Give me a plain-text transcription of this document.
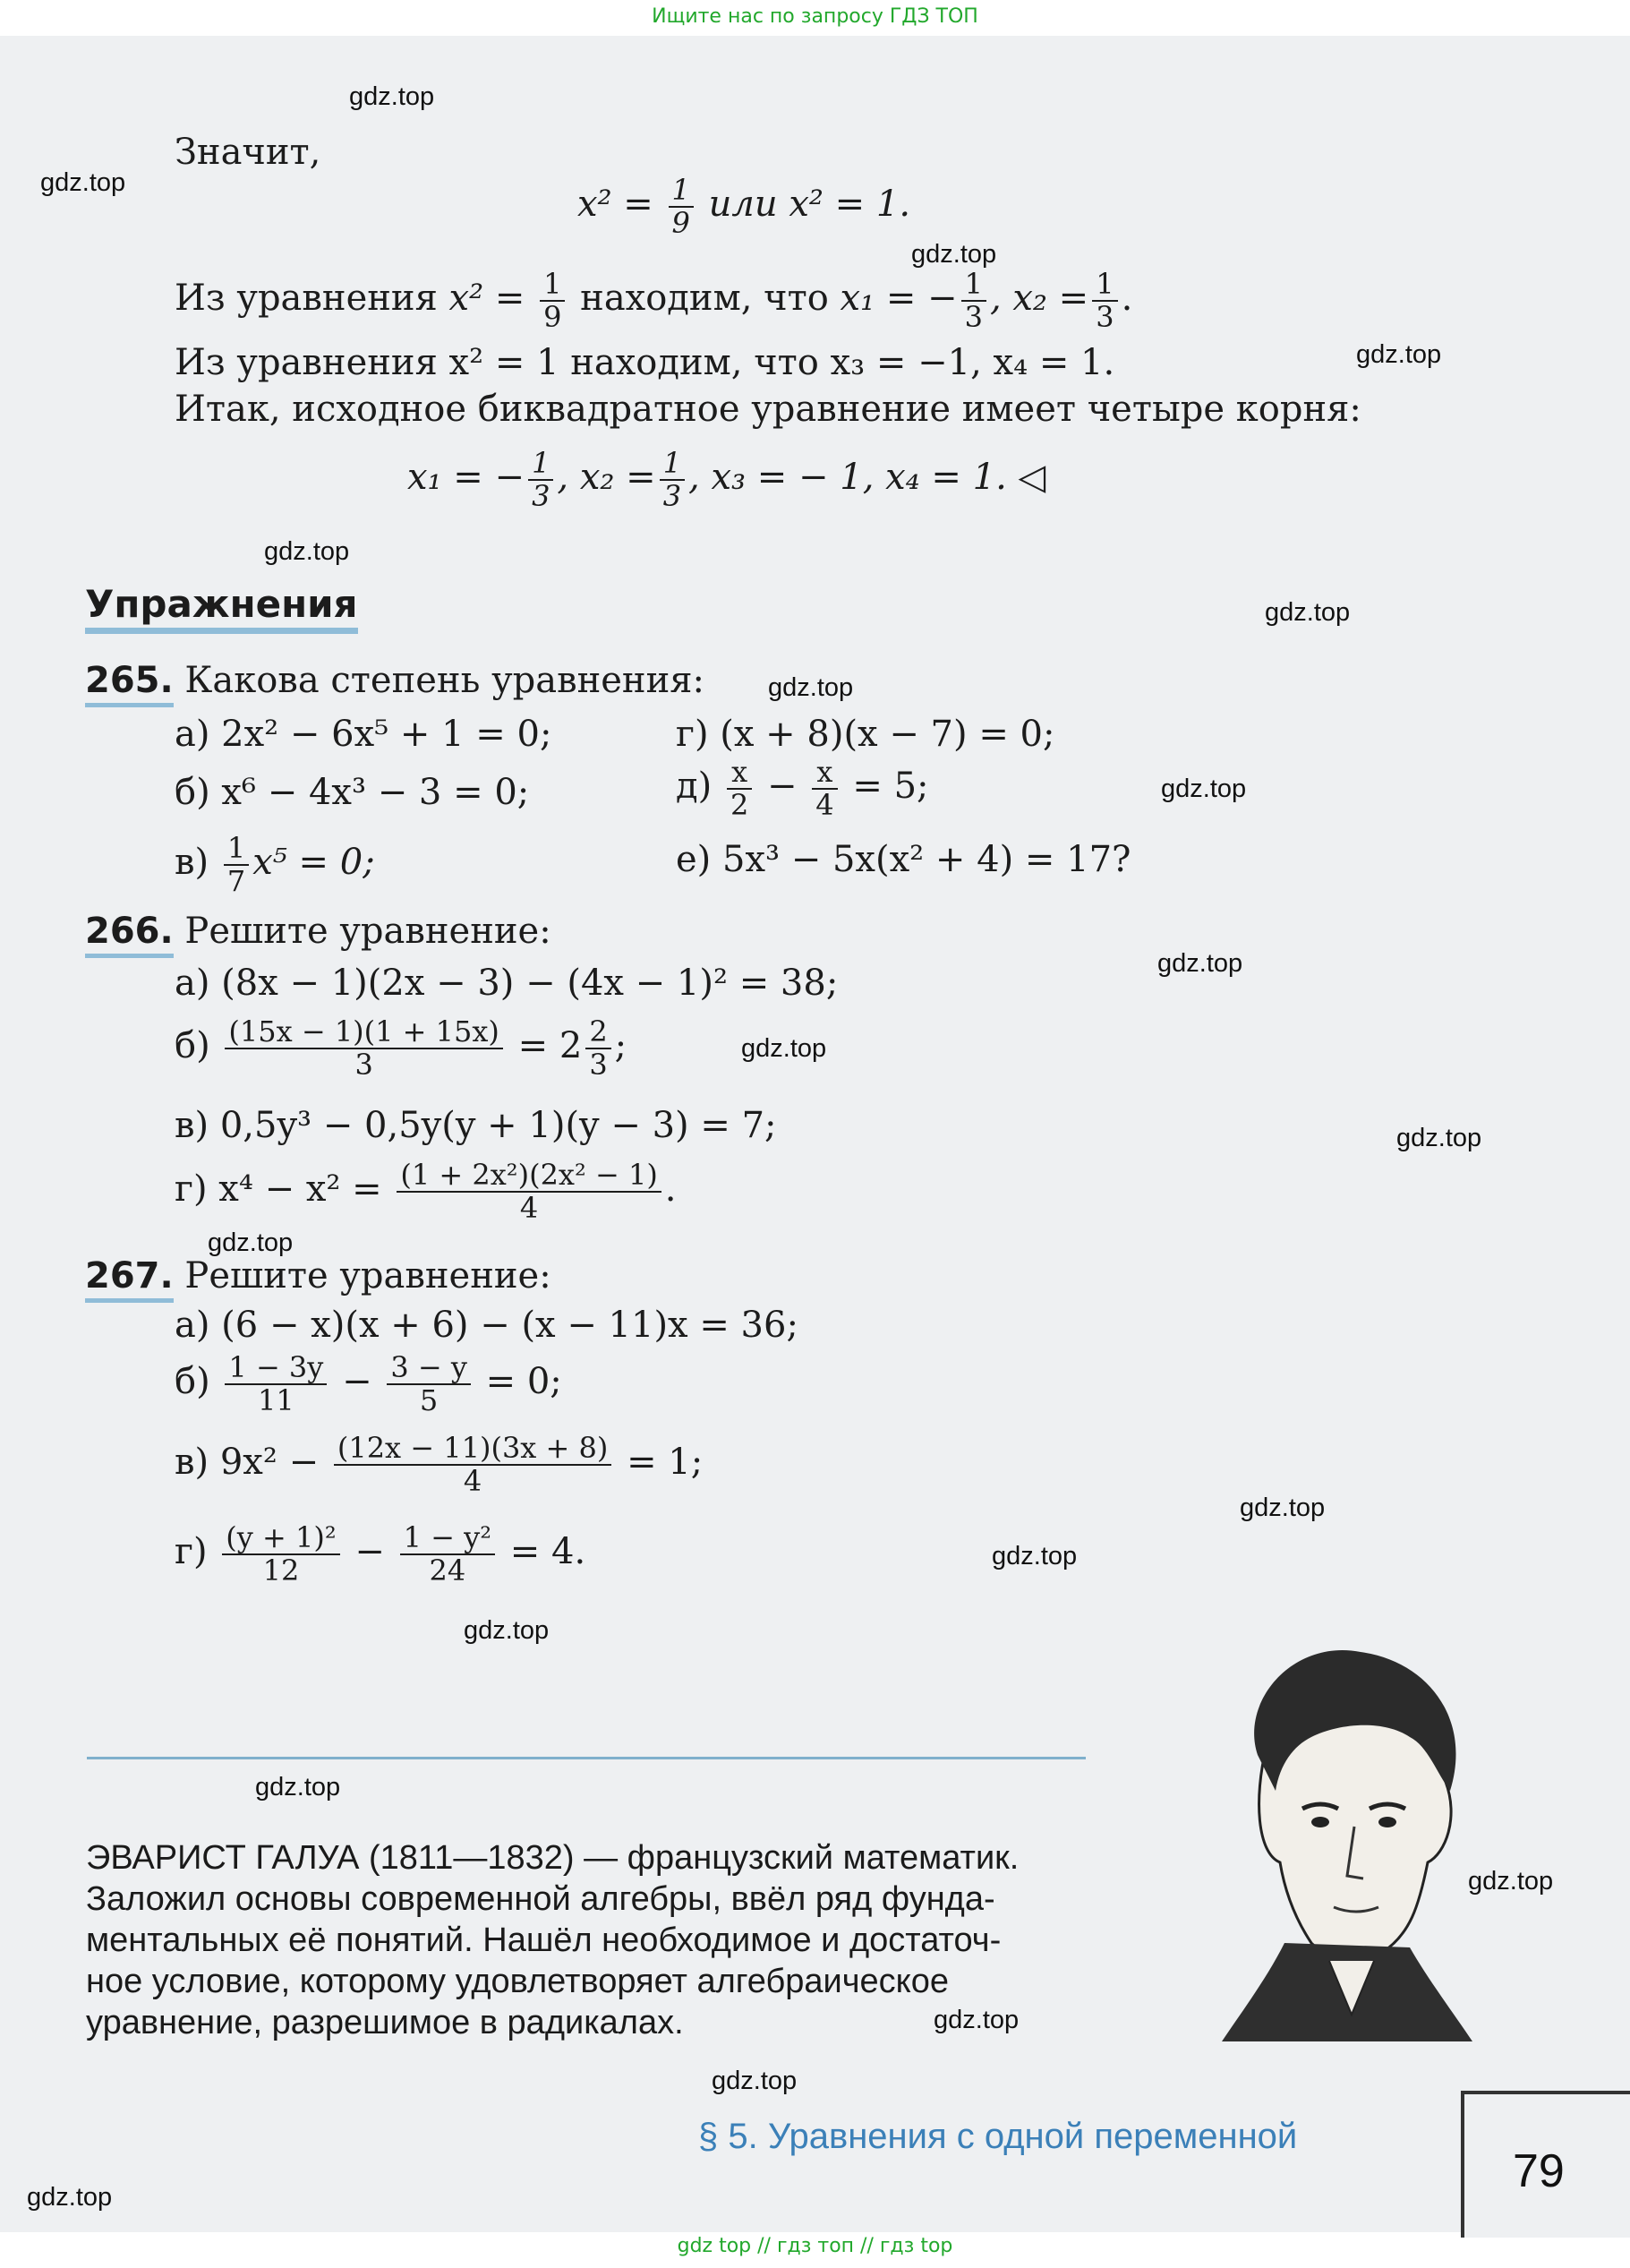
Ищите нас по запросу ГДЗ ТОП
Значит,
$x^2 = \frac{1}{9}$ или x² = 1.
Из уравнения $x^2 = \frac{1}{9}$ находим, что x₁ = − $\frac{1}{3}$ , $x_2 = \frac{1}{3}$ .
Из уравнения x² = 1 находим, что x₃ = −1, x₄ = 1.
Итак, исходное биквадратное уравнение имеет четыре корня:
x₁ = − $\frac{1}{3}$ , $x_2 = \frac{1}{3}$ , x₃ = − 1, x₄ = 1. ◁
Упражнения
265. Какова степень уравнения:
а) 2x² − 6x⁵ + 1 = 0;	г) (x + 8)(x − 7) = 0;
б) x⁶ − 4x³ − 3 = 0;	$д) \frac{x}{2} - \frac{x}{4} = 5$;
$в) \frac{1}{7} x^5 = 0$;	е) 5x³ − 5x(x² + 4) = 17?
266. Решите уравнение:
а) (8x − 1)(2x − 3) − (4x − 1)² = 38;
$б) \frac{(15x - 1)(1 + 15x)}{3} = 2 \frac{2}{3}$ ;
в) 0,5y³ − 0,5y(y + 1)(y − 3) = 7;
г) $x^4 - x^2 = \frac{\text{(1 + 2x²)(2x² − 1)}}{4}$ .
267. Решите уравнение:
а) (6 − x)(x + 6) − (x − 11)x = 36;
$б) \frac{1 - 3y}{11} - \frac{3 - y}{5} = 0$;
в) $9x^2 - \frac{(12x - 11)(3x + 8)}{4} = 1$;
$г) \frac{\text{(y + 1)²}}{12} - \frac{\text{1 − y²}}{24} = 4$.
ЭВАРИСТ ГАЛУА (1811—1832) — французский математик.
Заложил основы современной алгебры, ввёл ряд фунда-
ментальных её понятий. Нашёл необходимое и достаточ-
ное условие, которому удовлетворяет алгебраическое
уравнение, разрешимое в радикалах.
§ 5. Уравнения с одной переменной
79
gdz.top
gdz.top
gdz.top
gdz.top
gdz.top
gdz.top
gdz.top
gdz.top
gdz.top
gdz.top
gdz.top
gdz.top
gdz.top
gdz.top
gdz.top
gdz.top
gdz.top
gdz.top
gdz.top
gdz.top
gdz top // гдз топ // гдз top
